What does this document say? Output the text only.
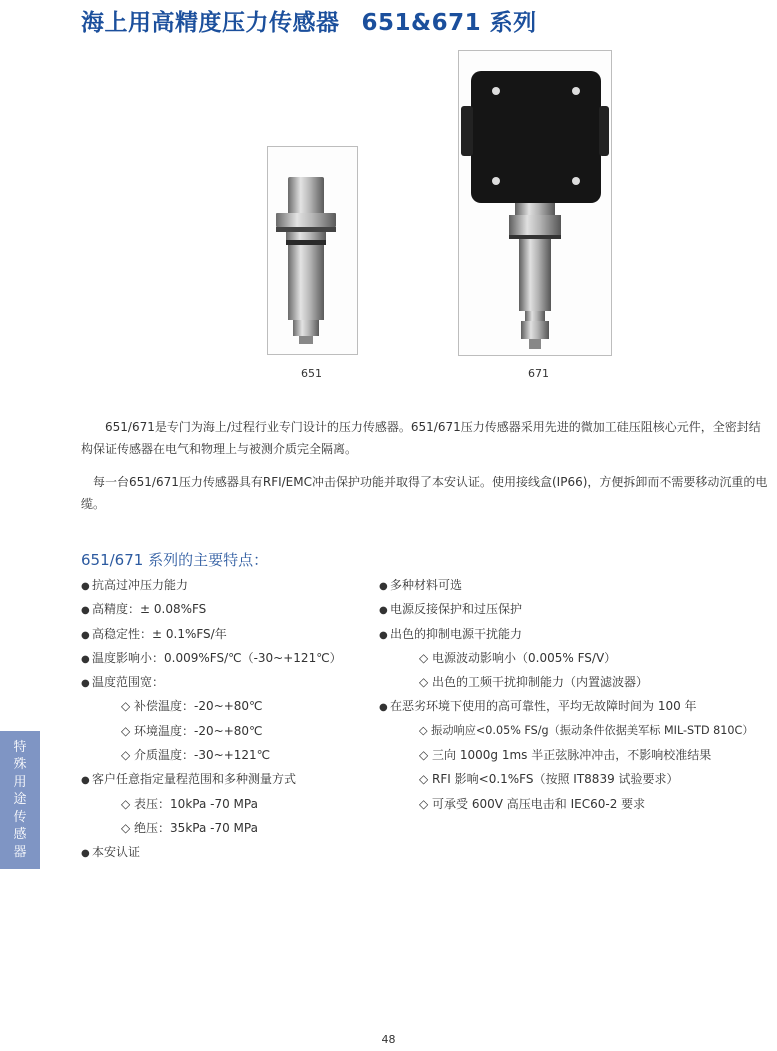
海上用高精度压力传感器 651&671 系列
651	671

651/671是专门为海上/过程行业专门设计的压力传感器。651/671压力传感器采用先进的微加工硅压阻核心元件，全密封结构保证传感器在电气和物理上与被测介质完全隔离。

每一台651/671压力传感器具有RFI/EMC冲击保护功能并取得了本安认证。使用接线盒(IP66)，方便拆卸而不需要移动沉重的电缆。

651/671 系列的主要特点：
● 抗高过冲压力能力
● 高精度：± 0.08%FS
● 高稳定性：± 0.1%FS/年
● 温度影响小：0.009%FS/℃（-30~+121℃）
● 温度范围宽：
◇ 补偿温度：-20~+80℃
◇ 环境温度：-20~+80℃
◇ 介质温度：-30~+121℃
● 客户任意指定量程范围和多种测量方式
◇ 表压：10kPa -70 MPa
◇ 绝压：35kPa -70 MPa
● 本安认证
● 多种材料可选
● 电源反接保护和过压保护
● 出色的抑制电源干扰能力
◇ 电源波动影响小（0.005% FS/V）
◇ 出色的工频干扰抑制能力（内置滤波器）
● 在恶劣环境下使用的高可靠性，平均无故障时间为 100 年
◇ 振动响应<0.05% FS/g（振动条件依据美军标 MIL-STD 810C）
◇ 三向 1000g 1ms 半正弦脉冲冲击，不影响校准结果
◇ RFI 影响<0.1%FS（按照 IT8839 试验要求）
◇ 可承受 600V 高压电击和 IEC60-2 要求
特
殊
用
途
传
感
器
48
